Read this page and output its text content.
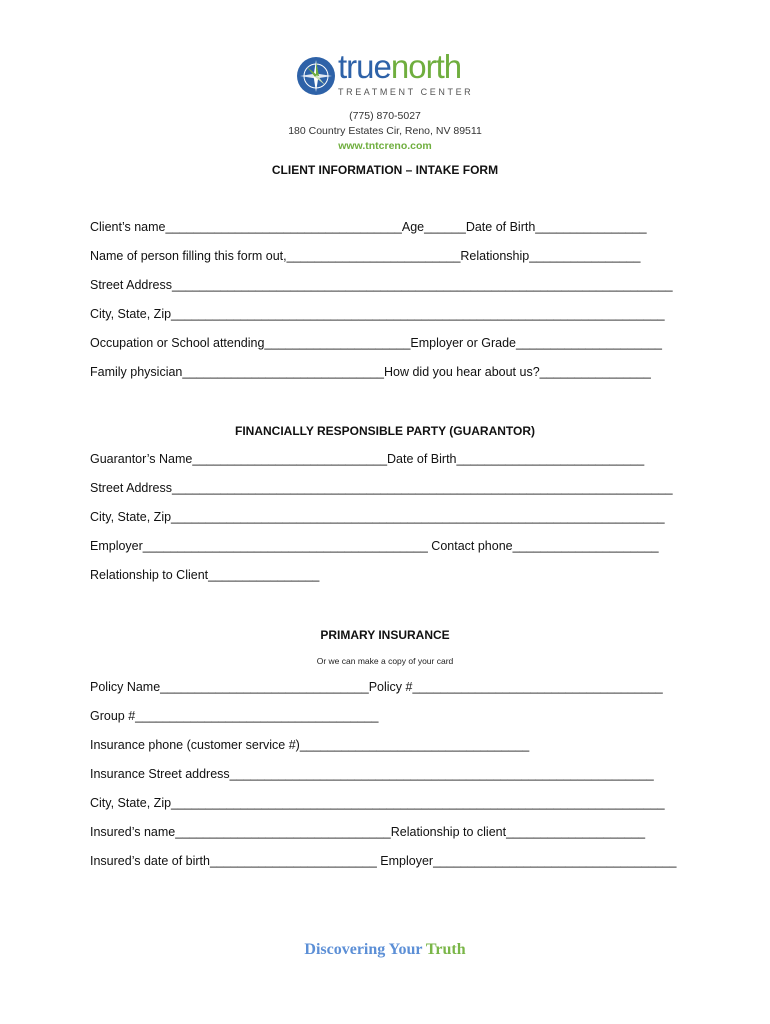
truenorth
TREATMENT CENTER
(775) 870-5027
180 Country Estates Cir, Reno, NV 89511
www.tntcreno.com
CLIENT INFORMATION – INTAKE FORM
Client’s name__________________________________Age______Date of Birth________________
Name of person filling this form out,_________________________Relationship________________
Street Address________________________________________________________________________
City, State, Zip_______________________________________________________________________
Occupation or School attending_____________________Employer or Grade_____________________
Family physician_____________________________How did you hear about us?________________
FINANCIALLY RESPONSIBLE PARTY (GUARANTOR)
Guarantor’s Name____________________________Date of Birth___________________________
Street Address________________________________________________________________________
City, State, Zip_______________________________________________________________________
Employer_________________________________________ Contact phone_____________________
Relationship to Client________________
PRIMARY INSURANCE
Or we can make a copy of your card
Policy Name______________________________Policy #____________________________________
Group #___________________________________
Insurance phone (customer service #)_________________________________
Insurance Street address_____________________________________________________________
City, State, Zip_______________________________________________________________________
Insured’s name_______________________________Relationship to client____________________
Insured’s date of birth________________________ Employer___________________________________
Discovering Your Truth
